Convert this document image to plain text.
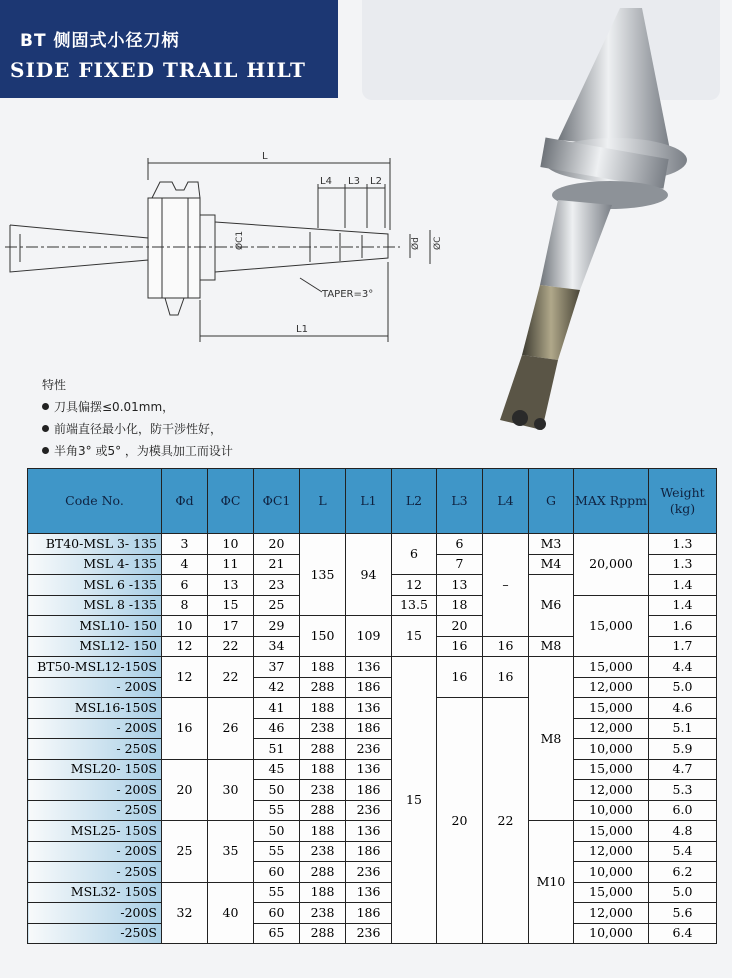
BT 侧固式小径刀柄
SIDE FIXED TRAIL HILT
L
L4 L3 L2
Ød ØC
ØC1
TAPER=3°
L1
特性
刀具偏摆≤0.01mm，
前端直径最小化，防干涉性好，
半角3° 或5° ，为模具加工而设计
Code No.	Φd	ΦC	ΦC1	L	L1	L2	L3	L4	G	MAX Rppm	Weight (kg)
BT40-MSL 3- 135	3	10	20	135	94	6	6	–	M3	20,000	1.3
MSL 4- 135	4	11	21				7		M4		1.3
MSL 6 -135	6	13	23			12	13		M6		1.4
MSL 8 -135	8	15	25			13.5	18			15,000	1.4
MSL10- 150	10	17	29	150	109	15	20				1.6
MSL12- 150	12	22	34				16	16	M8		1.7
BT50-MSL12-150S	12	22	37	188	136	15	16	16	M8	15,000	4.4
- 200S			42	288	186					12,000	5.0
MSL16-150S	16	26	41	188	136		20	22		15,000	4.6
- 200S			46	238	186					12,000	5.1
- 250S			51	288	236					10,000	5.9
MSL20- 150S	20	30	45	188	136					15,000	4.7
- 200S			50	238	186					12,000	5.3
- 250S			55	288	236					10,000	6.0
MSL25- 150S	25	35	50	188	136				M10	15,000	4.8
- 200S			55	238	186					12,000	5.4
- 250S			60	288	236					10,000	6.2
MSL32- 150S	32	40	55	188	136					15,000	5.0
-200S			60	238	186					12,000	5.6
-250S			65	288	236					10,000	6.4
